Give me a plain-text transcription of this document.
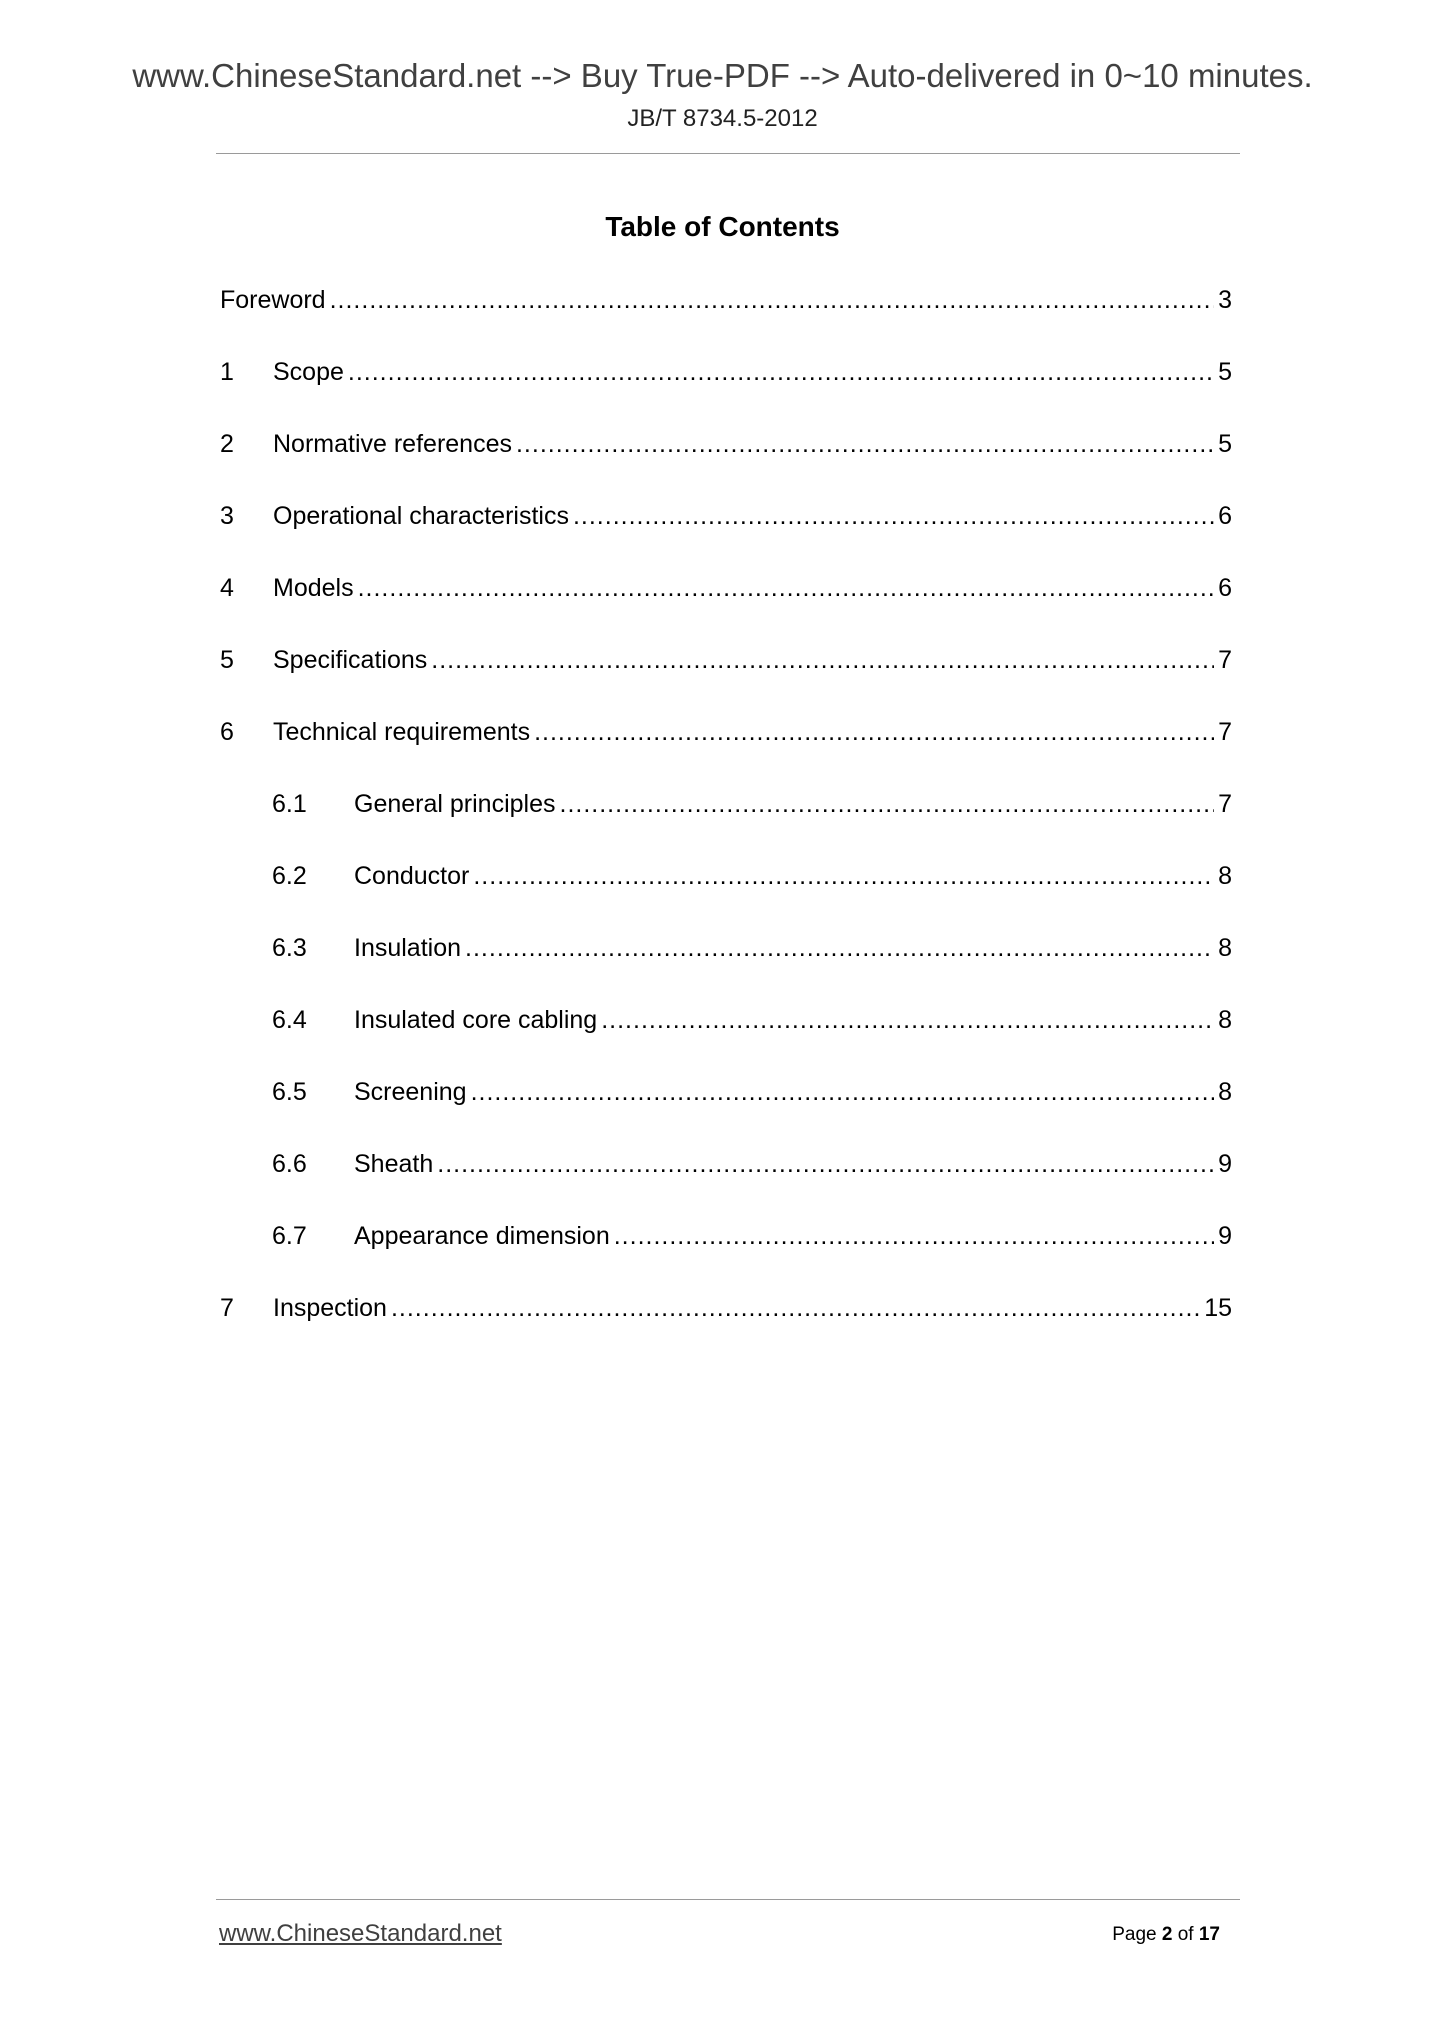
www.ChineseStandard.net --> Buy True-PDF --> Auto-delivered in 0~10 minutes.
JB/T 8734.5-2012
Table of Contents
Foreword .....	3
1	Scope .....	5
2	Normative references .....	5
3	Operational characteristics .....	6
4	Models .....	6
5	Specifications .....	7
6	Technical requirements .....	7
6.1	General principles .....	7
6.2	Conductor .....	8
6.3	Insulation .....	8
6.4	Insulated core cabling .....	8
6.5	Screening .....	8
6.6	Sheath .....	9
6.7	Appearance dimension .....	9
7	Inspection .....	15
www.ChineseStandard.net	Page 2 of 17
